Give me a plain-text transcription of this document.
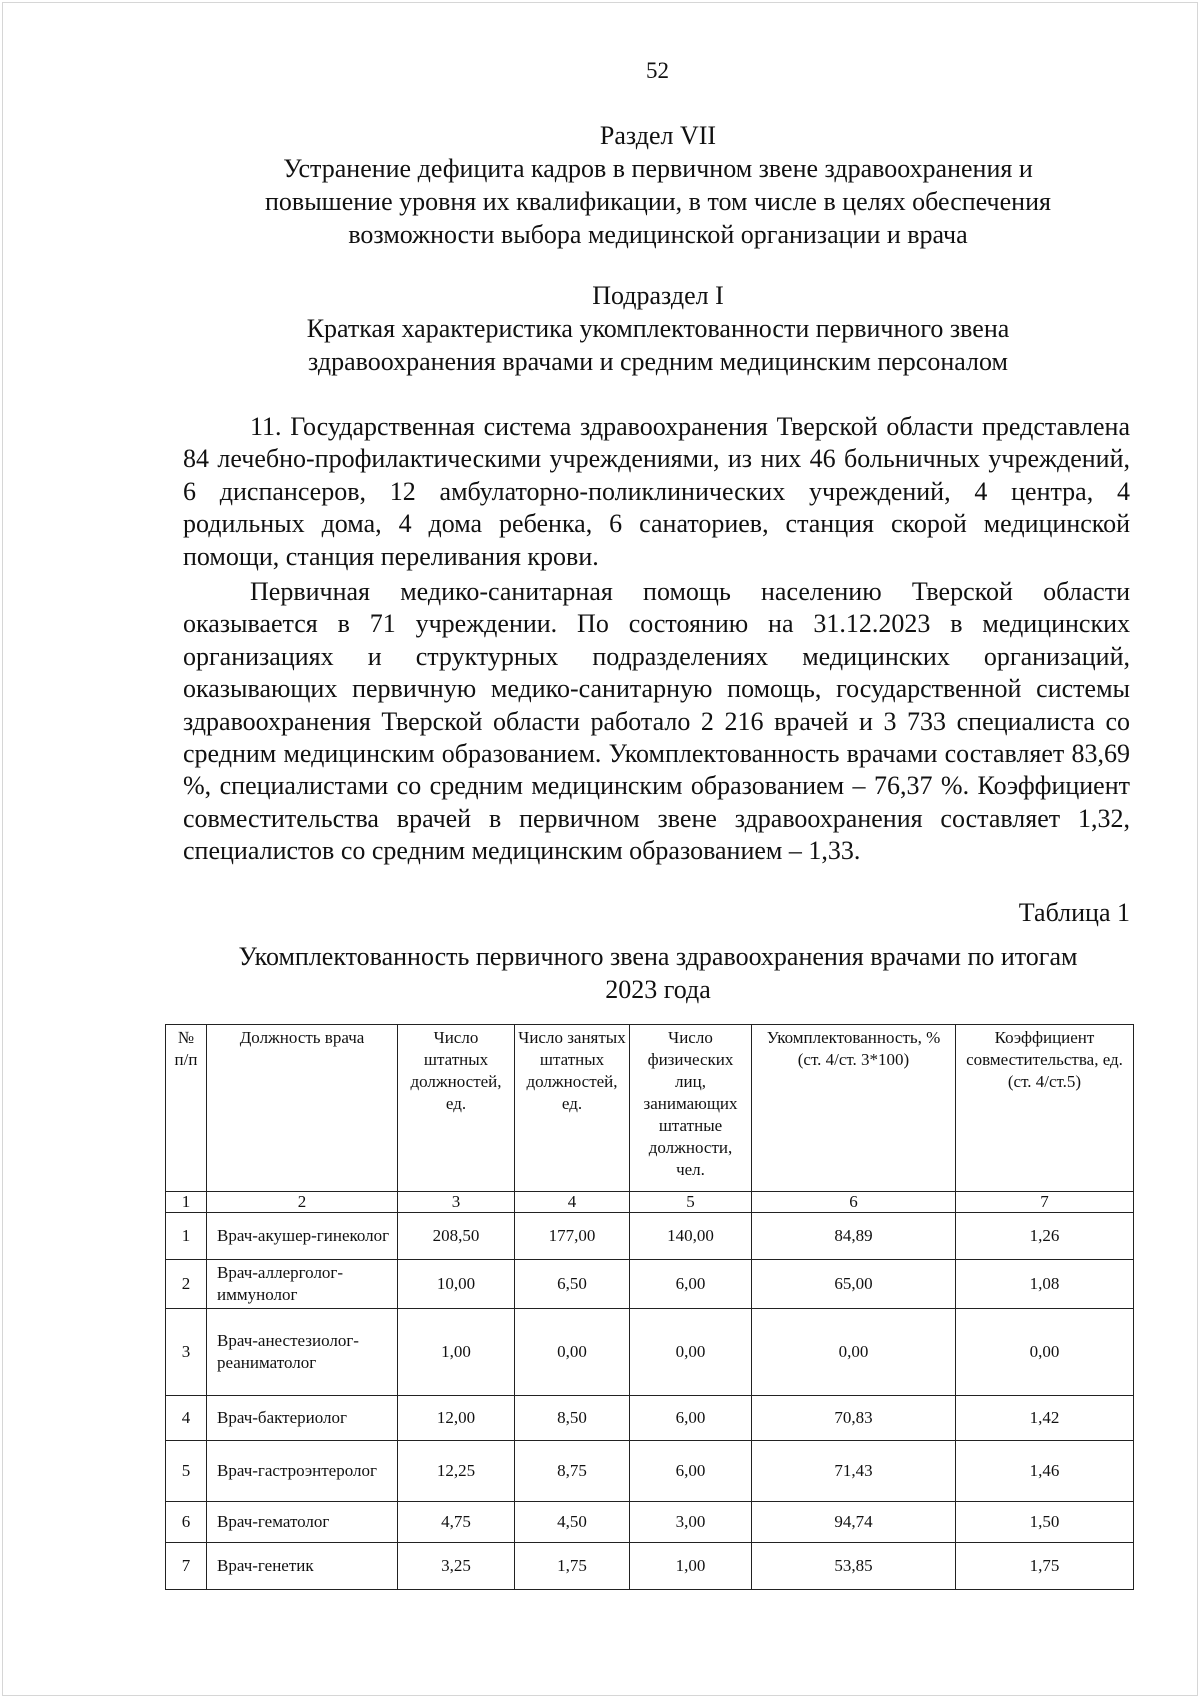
52
Раздел VII
Устранение дефицита кадров в первичном звене здравоохранения и
повышение уровня их квалификации, в том числе в целях обеспечения
возможности выбора медицинской организации и врача
Подраздел I
Краткая характеристика укомплектованности первичного звена
здравоохранения врачами и средним медицинским персоналом

11. Государственная система здравоохранения Тверской области представлена 84 лечебно-профилактическими учреждениями, из них 46 больничных учреждений, 6 диспансеров, 12 амбулаторно-поликлинических учреждений, 4 центра, 4 родильных дома, 4 дома ребенка, 6 санаториев, станция скорой медицинской помощи, станция переливания крови.

Первичная медико-санитарная помощь населению Тверской области оказывается в 71 учреждении. По состоянию на 31.12.2023 в медицинских организациях и структурных подразделениях медицинских организаций, оказывающих первичную медико-санитарную помощь, государственной системы здравоохранения Тверской области работало 2 216 врачей и 3 733 специалиста со средним медицинским образованием. Укомплектованность врачами составляет 83,69 %, специалистами со средним медицинским образованием – 76,37 %. Коэффициент совместительства врачей в первичном звене здравоохранения составляет 1,32, специалистов со средним медицинским образованием – 1,33.

Таблица 1
Укомплектованность первичного звена здравоохранения врачами по итогам
2023 года
№ п/п	Должность врача	Число штатных должностей, ед.	Число занятых штатных должностей, ед.	Число физических лиц, занимающих штатные должности, чел.	Укомплектованность, % (ст. 4/ст. 3*100)	Коэффициент совместительства, ед. (ст. 4/ст.5)
1	2	3	4	5	6	7
1	Врач-акушер-гинеколог	208,50	177,00	140,00	84,89	1,26
2	Врач-аллерголог-иммунолог	10,00	6,50	6,00	65,00	1,08
3	Врач-анестезиолог-реаниматолог	1,00	0,00	0,00	0,00	0,00
4	Врач-бактериолог	12,00	8,50	6,00	70,83	1,42
5	Врач-гастроэнтеролог	12,25	8,75	6,00	71,43	1,46
6	Врач-гематолог	4,75	4,50	3,00	94,74	1,50
7	Врач-генетик	3,25	1,75	1,00	53,85	1,75
